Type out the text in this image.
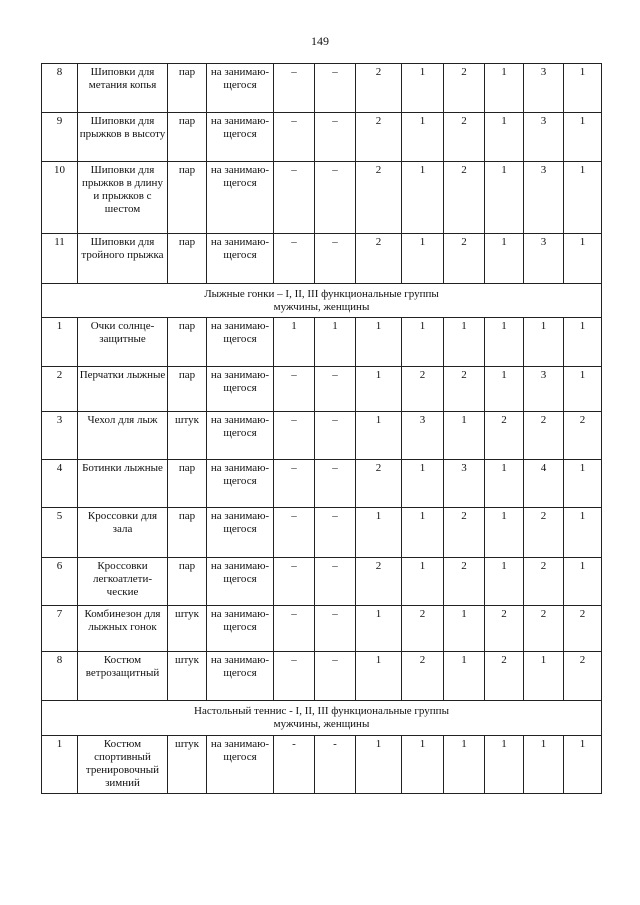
149
8	Шиповки для метания копья	пар	на занимаю-щегося	–	–	2	1	2	1	3	1
9	Шиповки для прыжков в высоту	пар	на занимаю-щегося	–	–	2	1	2	1	3	1
10	Шиповки для прыжков в длину и прыжков с шестом	пар	на занимаю-щегося	–	–	2	1	2	1	3	1
11	Шиповки для тройного прыжка	пар	на занимаю-щегося	–	–	2	1	2	1	3	1

Лыжные гонки – I, II, III функциональные группы
мужчины, женщины											

1	Очки солнце-защитные	пар	на занимаю-щегося	1	1	1	1	1	1	1	1
2	Перчатки лыжные	пар	на занимаю-щегося	–	–	1	2	2	1	3	1
3	Чехол для лыж	штук	на занимаю-щегося	–	–	1	3	1	2	2	2
4	Ботинки лыжные	пар	на занимаю-щегося	–	–	2	1	3	1	4	1
5	Кроссовки для зала	пар	на занимаю-щегося	–	–	1	1	2	1	2	1
6	Кроссовки легкоатлети-ческие	пар	на занимаю-щегося	–	–	2	1	2	1	2	1
7	Комбинезон для лыжных гонок	штук	на занимаю-щегося	–	–	1	2	1	2	2	2
8	Костюм ветрозащитный	штук	на занимаю-щегося	–	–	1	2	1	2	1	2

Настольный теннис - I, II, III функциональные группы
мужчины, женщины											

1	Костюм спортивный тренировочный зимний	штук	на занимаю-щегося	-	-	1	1	1	1	1	1
